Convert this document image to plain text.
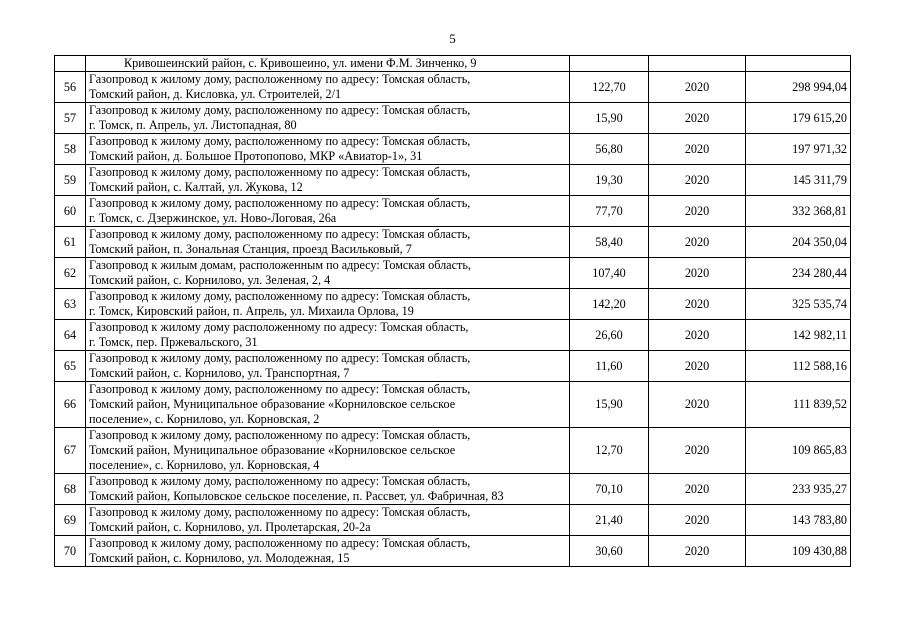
5
	Кривошеинский район, с. Кривошеино, ул. имени Ф.М. Зинченко, 9			
56	Газопровод к жилому дому, расположенному по адресу: Томская область,
Томский район, д. Кисловка, ул. Строителей, 2/1	122,70	2020	298 994,04
57	Газопровод к жилому дому, расположенному по адресу: Томская область,
г. Томск, п. Апрель, ул. Листопадная, 80	15,90	2020	179 615,20
58	Газопровод к жилому дому, расположенному по адресу: Томская область,
Томский район, д. Большое Протопопово, МКР «Авиатор-1», 31	56,80	2020	197 971,32
59	Газопровод к жилому дому, расположенному по адресу: Томская область,
Томский район, с. Калтай, ул. Жукова, 12	19,30	2020	145 311,79
60	Газопровод к жилому дому, расположенному по адресу: Томская область,
г. Томск, с. Дзержинское, ул. Ново-Логовая, 26а	77,70	2020	332 368,81
61	Газопровод к жилому дому, расположенному по адресу: Томская область,
Томский район, п. Зональная Станция, проезд Васильковый, 7	58,40	2020	204 350,04
62	Газопровод к жилым домам, расположенным по адресу: Томская область,
Томский район, с. Корнилово, ул. Зеленая, 2, 4	107,40	2020	234 280,44
63	Газопровод к жилому дому, расположенному по адресу: Томская область,
г. Томск, Кировский район, п. Апрель, ул. Михаила Орлова, 19	142,20	2020	325 535,74
64	Газопровод к жилому дому расположенному по адресу: Томская область,
г. Томск, пер. Пржевальского, 31	26,60	2020	142 982,11
65	Газопровод к жилому дому, расположенному по адресу: Томская область,
Томский район, с. Корнилово, ул. Транспортная, 7	11,60	2020	112 588,16
66	Газопровод к жилому дому, расположенному по адресу: Томская область,
Томский район, Муниципальное образование «Корниловское сельское
поселение», с. Корнилово, ул. Корновская, 2	15,90	2020	111 839,52
67	Газопровод к жилому дому, расположенному по адресу: Томская область,
Томский район, Муниципальное образование «Корниловское сельское
поселение», с. Корнилово, ул. Корновская, 4	12,70	2020	109 865,83
68	Газопровод к жилому дому, расположенному по адресу: Томская область,
Томский район, Копыловское сельское поселение, п. Рассвет, ул. Фабричная, 83	70,10	2020	233 935,27
69	Газопровод к жилому дому, расположенному по адресу: Томская область,
Томский район, с. Корнилово, ул. Пролетарская, 20-2а	21,40	2020	143 783,80
70	Газопровод к жилому дому, расположенному по адресу: Томская область,
Томский район, с. Корнилово, ул. Молодежная, 15	30,60	2020	109 430,88
